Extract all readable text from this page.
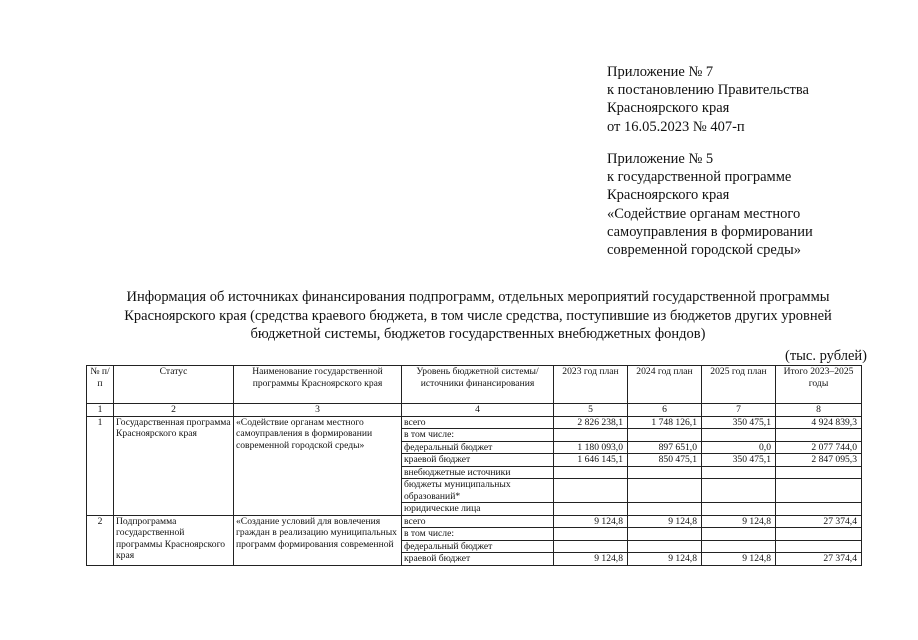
Приложение № 7
к постановлению Правительства
Красноярского края
от 16.05.2023 № 407-п
Приложение № 5
к государственной программе
Красноярского края
«Содействие органам местного
самоуправления в формировании
современной городской среды»
Информация об источниках финансирования подпрограмм, отдельных мероприятий государственной программы
Красноярского края (средства краевого бюджета, в том числе средства, поступившие из бюджетов других уровней
бюджетной системы, бюджетов государственных внебюджетных фондов)
(тыс. рублей)
№ п/п	Статус	Наименование государственной программы Красноярского края	Уровень бюджетной системы/источники финансирования	2023 год план	2024 год план	2025 год план	Итого 2023–2025 годы
1	2	3	4	5	6	7	8
1	Государственная программа Красноярского края	«Содействие органам местного самоуправления в формировании современной городской среды»	всего	2 826 238,1	1 748 126,1	350 475,1	4 924 839,3
			в том числе:				
			федеральный бюджет	1 180 093,0	897 651,0	0,0	2 077 744,0
			краевой бюджет	1 646 145,1	850 475,1	350 475,1	2 847 095,3
			внебюджетные источники				
			бюджеты муниципальных образований*				
			юридические лица				
2	Подпрограмма государственной программы Красноярского края	«Создание условий для вовлечения граждан в реализацию муниципальных программ формирования современной	всего	9 124,8	9 124,8	9 124,8	27 374,4
			в том числе:				
			федеральный бюджет				
			краевой бюджет	9 124,8	9 124,8	9 124,8	27 374,4
